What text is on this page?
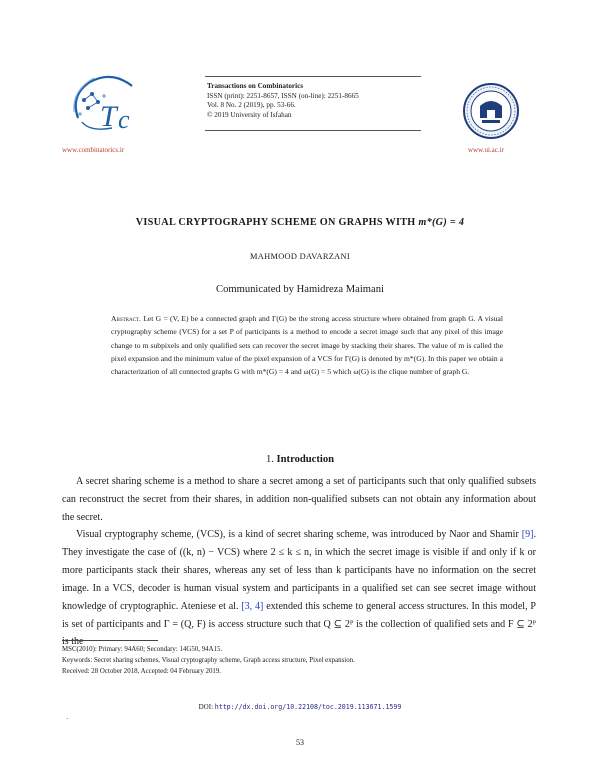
T c
www.combinatorics.ir
Transactions on Combinatorics
ISSN (print): 2251-8657, ISSN (on-line): 2251-8665
Vol. 8 No. 2 (2019), pp. 53-66.
© 2019 University of Isfahan
www.ui.ac.ir
VISUAL CRYPTOGRAPHY SCHEME ON GRAPHS WITH m*(G) = 4
MAHMOOD DAVARZANI
Communicated by Hamidreza Maimani
Abstract. Let G = (V, E) be a connected graph and Γ(G) be the strong access structure where obtained from graph G. A visual cryptography scheme (VCS) for a set P of participants is a method to encode a secret image such that any pixel of this image change to m subpixels and only qualified sets can recover the secret image by stacking their shares. The value of m is called the pixel expansion and the minimum value of the pixel expansion of a VCS for Γ(G) is denoted by m*(G). In this paper we obtain a characterization of all connected graphs G with m*(G) = 4 and ω(G) = 5 which ω(G) is the clique number of graph G.
1. Introduction
A secret sharing scheme is a method to share a secret among a set of participants such that only qualified subsets can reconstruct the secret from their shares, in addition non-qualified subsets can not obtain any information about the secret.
Visual cryptography scheme, (VCS), is a kind of secret sharing scheme, was introduced by Naor and Shamir [9]. They investigate the case of ((k, n) − VCS) where 2 ≤ k ≤ n, in which the secret image is visible if and only if k or more participants stack their shares, whereas any set of less than k participants have no information on the secret image. In a VCS, decoder is human visual system and participants in a qualified set can see secret image without knowledge of cryptographic. Ateniese et al. [3, 4] extended this scheme to general access structures. In this model, P is set of participants and Γ = (Q, F) is access structure such that Q ⊆ 2ᴾ is the collection of qualified sets and F ⊆ 2ᴾ is the
MSC(2010): Primary: 94A60; Secondary: 14G50, 94A15.
Keywords: Secret sharing schemes, Visual cryptography scheme, Graph access structure, Pixel expansion.
Received: 28 October 2018, Accepted: 04 February 2019.
DOI: http://dx.doi.org/10.22108/toc.2019.113671.1599
·
53
